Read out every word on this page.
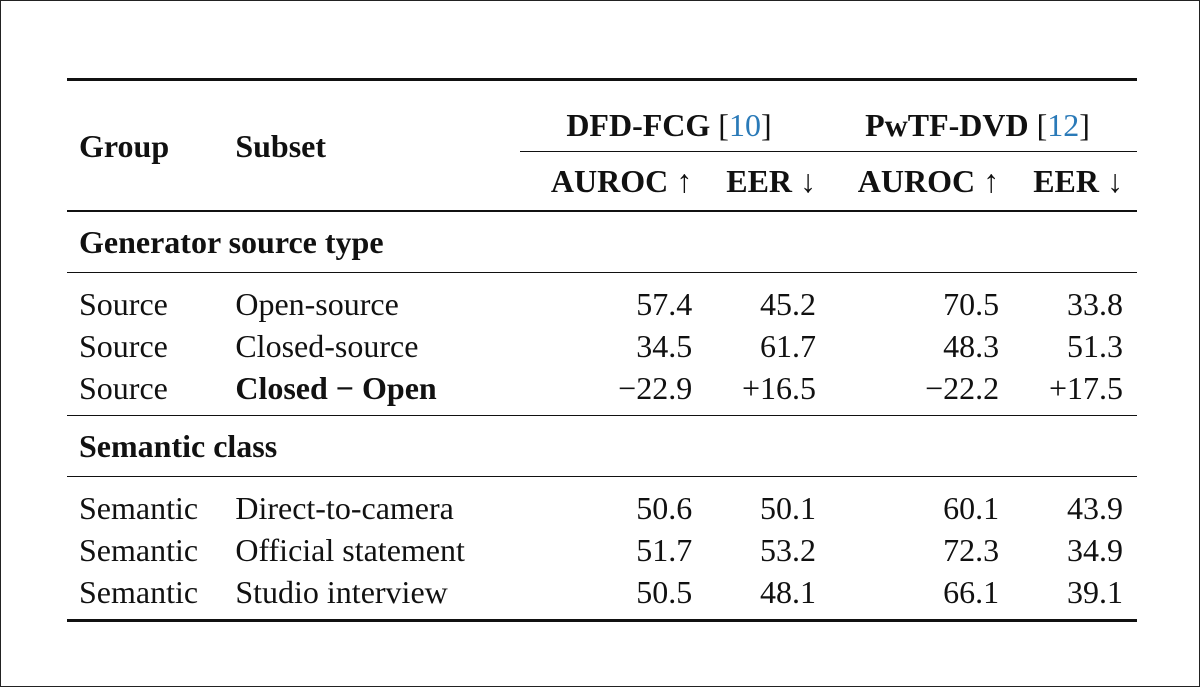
Group	Subset	DFD-FCG [10]		PwTF-DVD [12]	
		AUROC ↑	EER ↓	AUROC ↑	EER ↓
Generator source type					
Source	Open-source	57.4	45.2	70.5	33.8
Source	Closed-source	34.5	61.7	48.3	51.3
Source	Closed − Open	−22.9	+16.5	−22.2	+17.5
Semantic class					
Semantic	Direct-to-camera	50.6	50.1	60.1	43.9
Semantic	Official statement	51.7	53.2	72.3	34.9
Semantic	Studio interview	50.5	48.1	66.1	39.1
